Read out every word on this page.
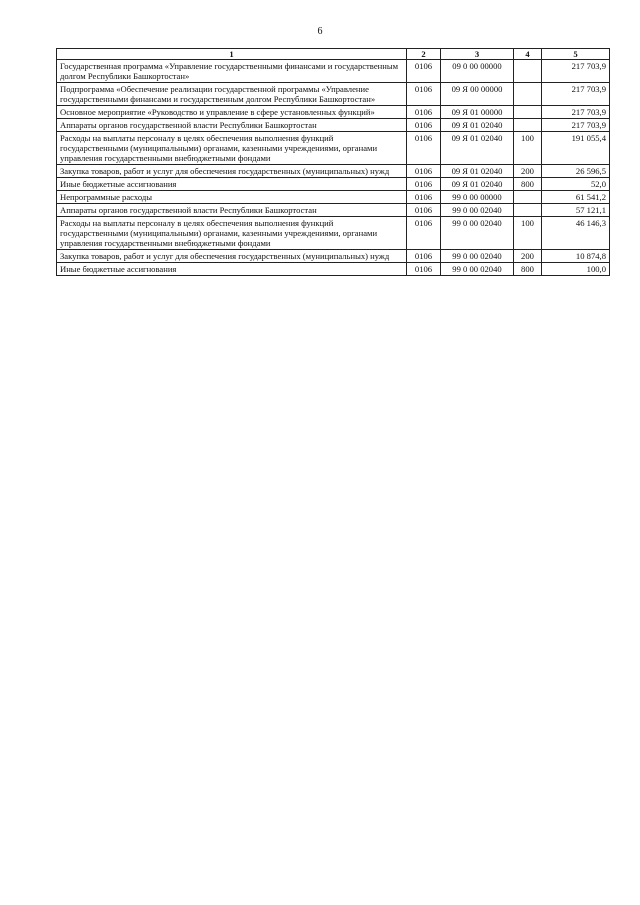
6
1	2	3	4	5
Государственная программа «Управление государственными финансами и государственным долгом Республики Башкортостан»	0106	09 0 00 00000		217 703,9
Подпрограмма «Обеспечение реализации государственной программы «Управление государственными финансами и государственным долгом Республики Башкортостан»	0106	09 Я 00 00000		217 703,9
Основное мероприятие «Руководство и управление в сфере установленных функций»	0106	09 Я 01 00000		217 703,9
Аппараты органов государственной власти Республики Башкортостан	0106	09 Я 01 02040		217 703,9
Расходы на выплаты персоналу в целях обеспечения выполнения функций государственными (муниципальными) органами, казенными учреждениями, органами управления государственными внебюджетными фондами	0106	09 Я 01 02040	100	191 055,4
Закупка товаров, работ и услуг для обеспечения государственных (муниципальных) нужд	0106	09 Я 01 02040	200	26 596,5
Иные бюджетные ассигнования	0106	09 Я 01 02040	800	52,0
Непрограммные расходы	0106	99 0 00 00000		61 541,2
Аппараты органов государственной власти Республики Башкортостан	0106	99 0 00 02040		57 121,1
Расходы на выплаты персоналу в целях обеспечения выполнения функций государственными (муниципальными) органами, казенными учреждениями, органами управления государственными внебюджетными фондами	0106	99 0 00 02040	100	46 146,3
Закупка товаров, работ и услуг для обеспечения государственных (муниципальных) нужд	0106	99 0 00 02040	200	10 874,8
Иные бюджетные ассигнования	0106	99 0 00 02040	800	100,0
